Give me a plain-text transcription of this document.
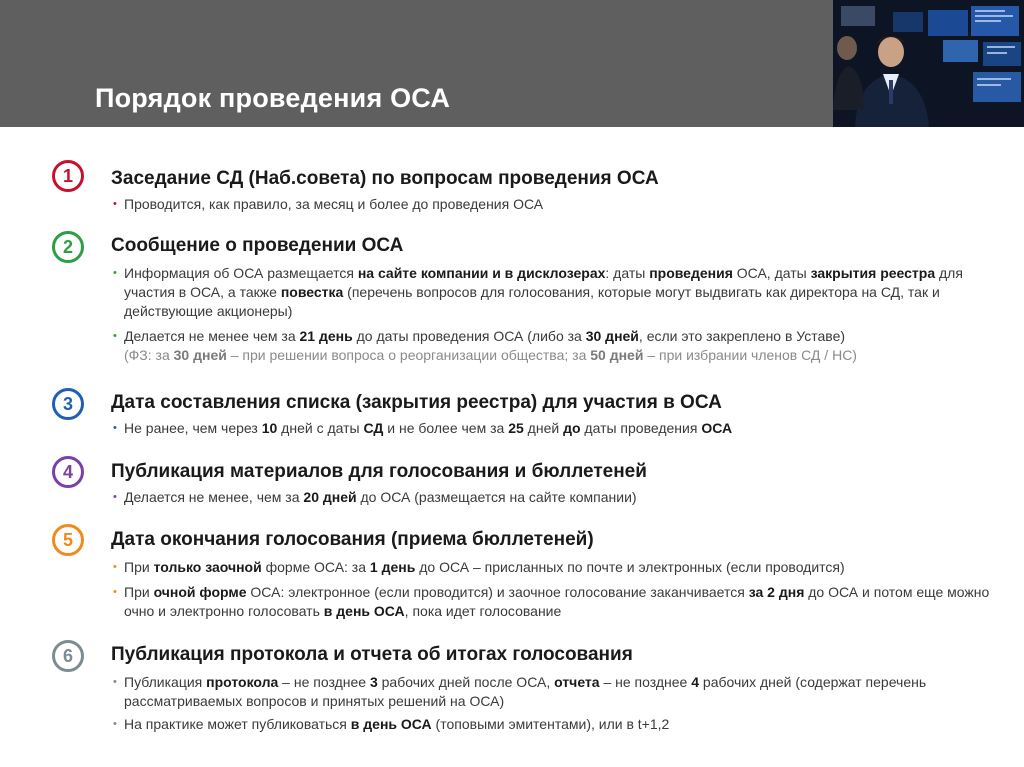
Порядок проведения ОСА
1 Заседание СД (Наб.совета) по вопросам проведения ОСА
• Проводится, как правило, за месяц и более до проведения ОСА
2 Сообщение о проведении ОСА
• Информация об ОСА размещается на сайте компании и в дисклозерах: даты проведения ОСА, даты закрытия реестра для участия в ОСА, а также повестка (перечень вопросов для голосования, которые могут выдвигать как директора на СД, так и действующие акционеры)
• Делается не менее чем за 21 день до даты проведения ОСА (либо за 30 дней, если это закреплено в Уставе)
(ФЗ: за 30 дней – при решении вопроса о реорганизации общества; за 50 дней – при избрании членов СД / НС)
3 Дата составления списка (закрытия реестра) для участия в ОСА
• Не ранее, чем через 10 дней с даты СД и не более чем за 25 дней до даты проведения ОСА
4 Публикация материалов для голосования и бюллетеней
• Делается не менее, чем за 20 дней до ОСА (размещается на сайте компании)
5 Дата окончания голосования (приема бюллетеней)
• При только заочной форме ОСА: за 1 день до ОСА – присланных по почте и электронных (если проводится)
• При очной форме ОСА: электронное (если проводится) и заочное голосование заканчивается за 2 дня до ОСА и потом еще можно очно и электронно голосовать в день ОСА, пока идет голосование
6 Публикация протокола и отчета об итогах голосования
• Публикация протокола – не позднее 3 рабочих дней после ОСА, отчета – не позднее 4 рабочих дней (содержат перечень рассматриваемых вопросов и принятых решений на ОСА)
• На практике может публиковаться в день ОСА (топовыми эмитентами), или в t+1,2
